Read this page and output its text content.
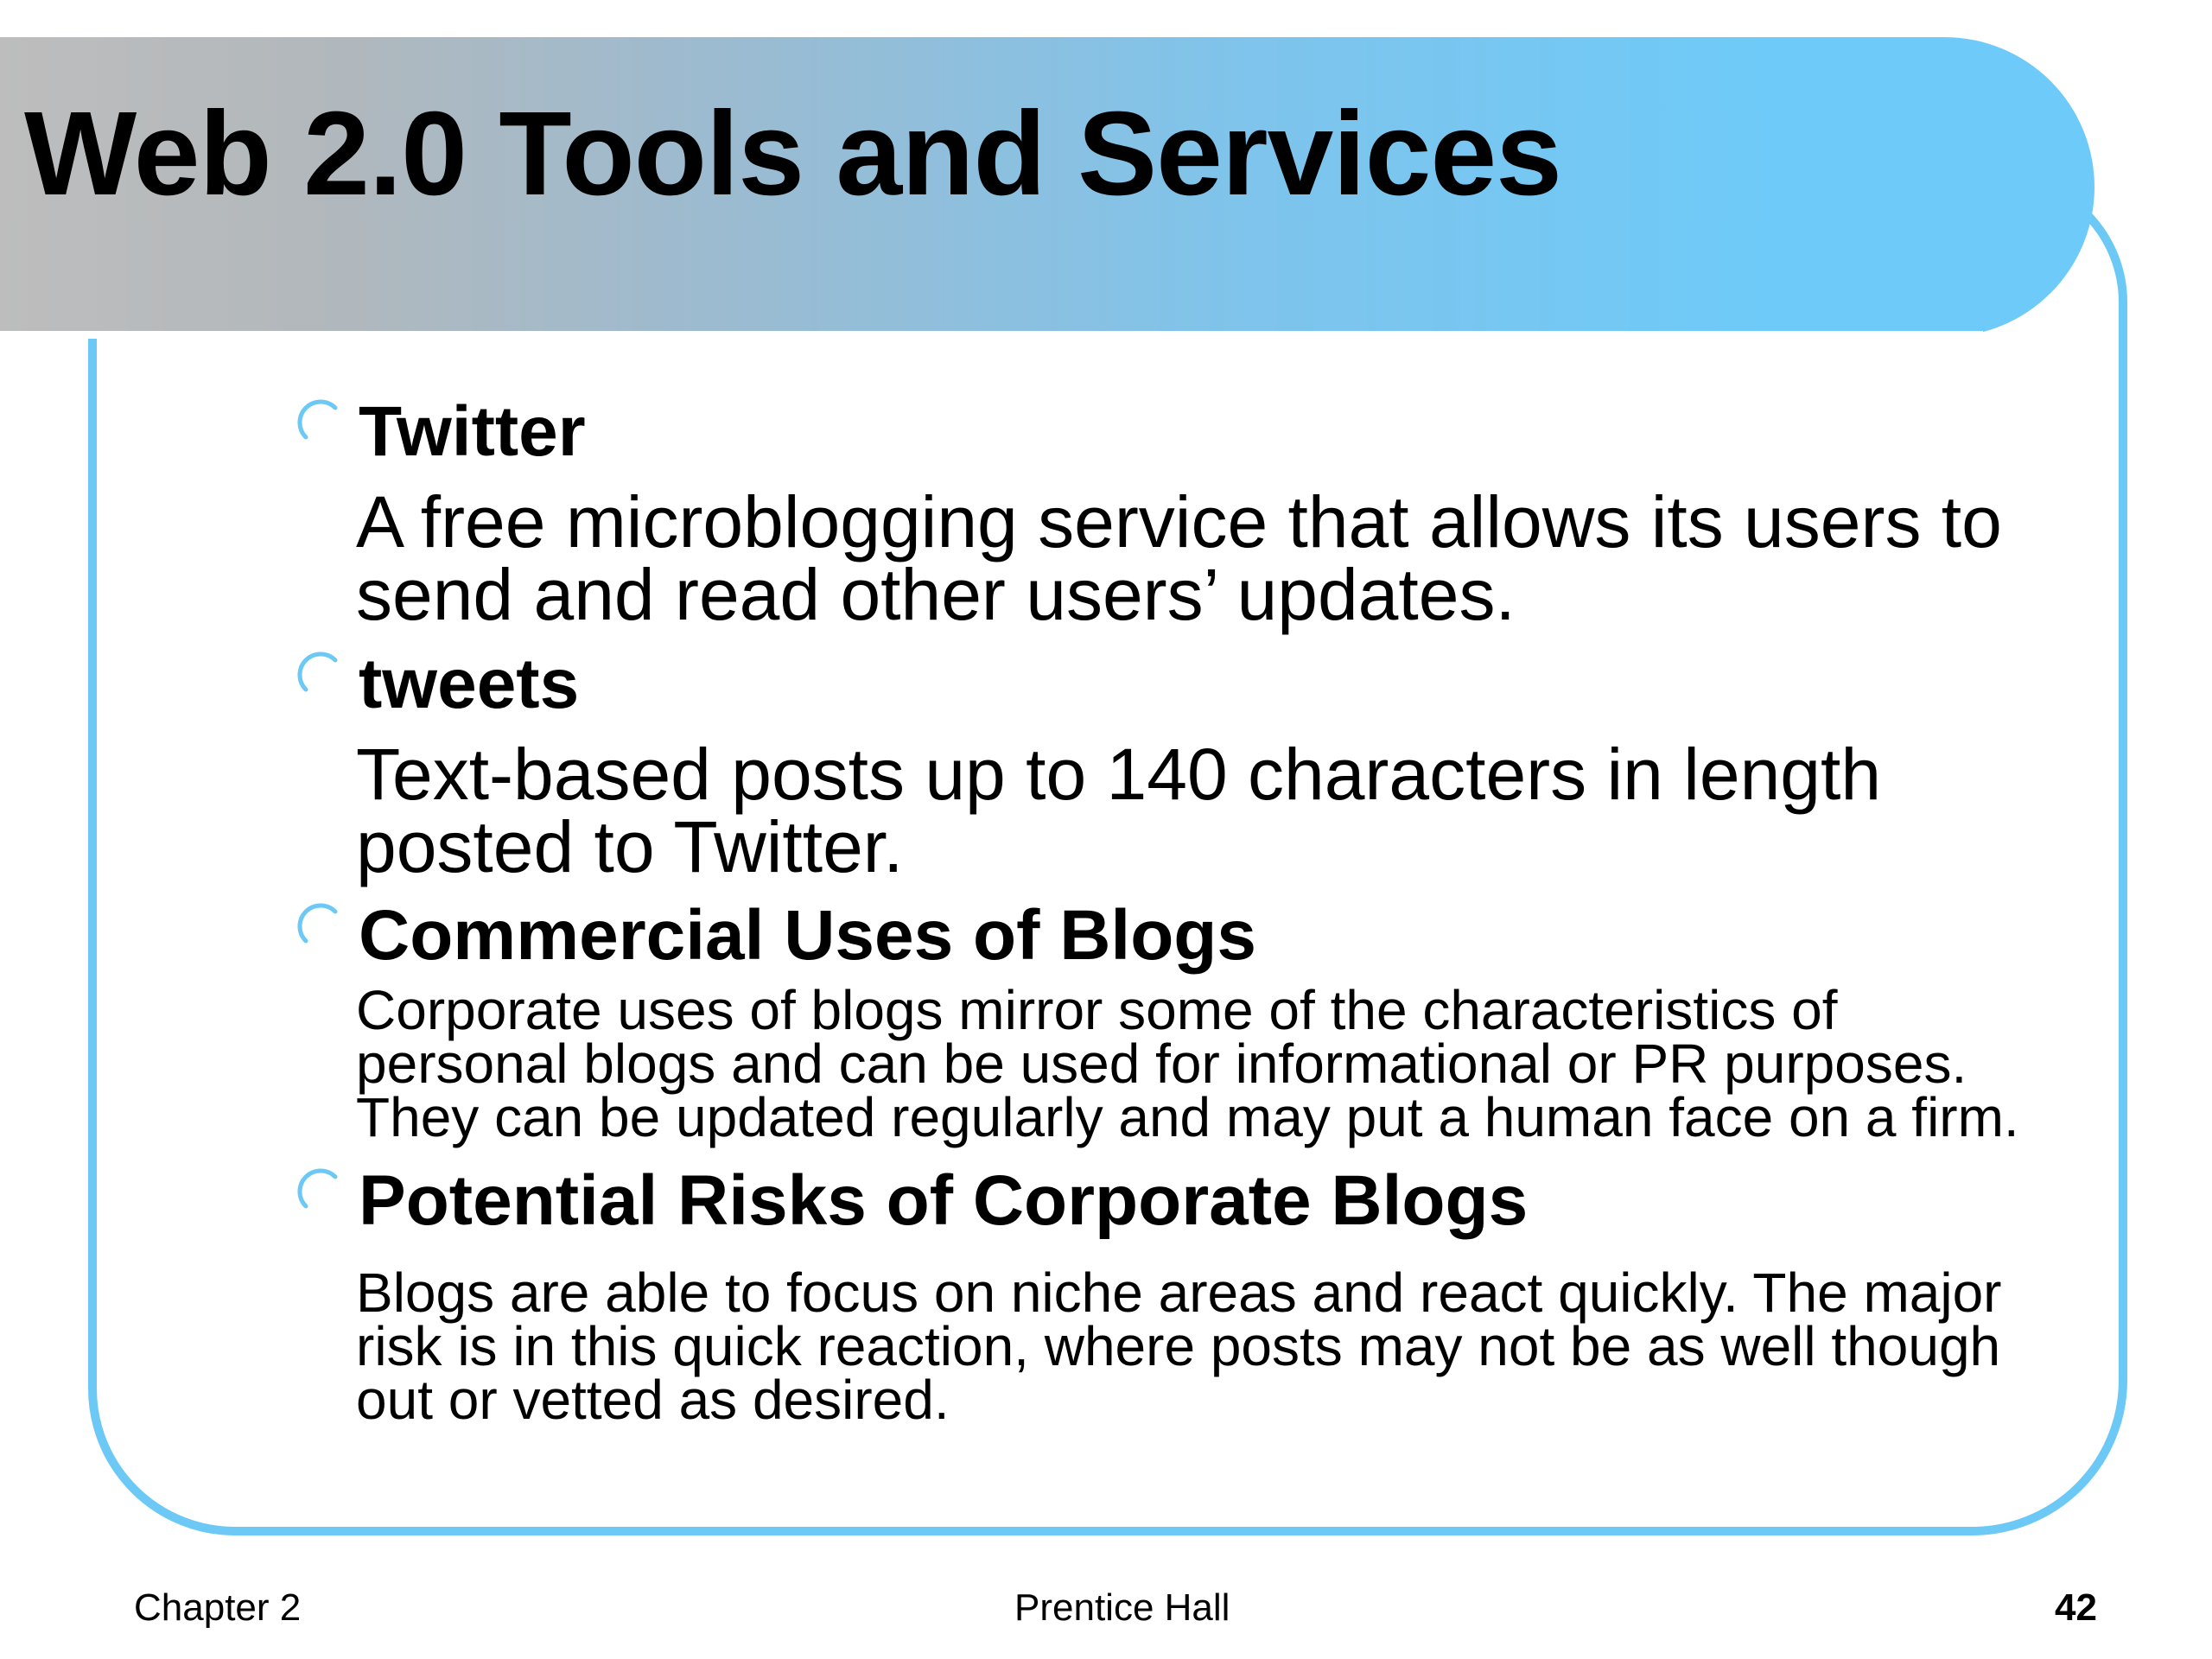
Web 2.0 Tools and Services

Twitter

A free microblogging service that allows its users to
send and read other users’ updates.

tweets

Text-based posts up to 140 characters in length
posted to Twitter.

Commercial Uses of Blogs

Corporate uses of blogs mirror some of the characteristics of
personal blogs and can be used for informational or PR purposes.
They can be updated regularly and may put a human face on a firm.

Potential Risks of Corporate Blogs

Blogs are able to focus on niche areas and react quickly. The major
risk is in this quick reaction, where posts may not be as well though
out or vetted as desired.

Chapter 2	Prentice Hall	42
